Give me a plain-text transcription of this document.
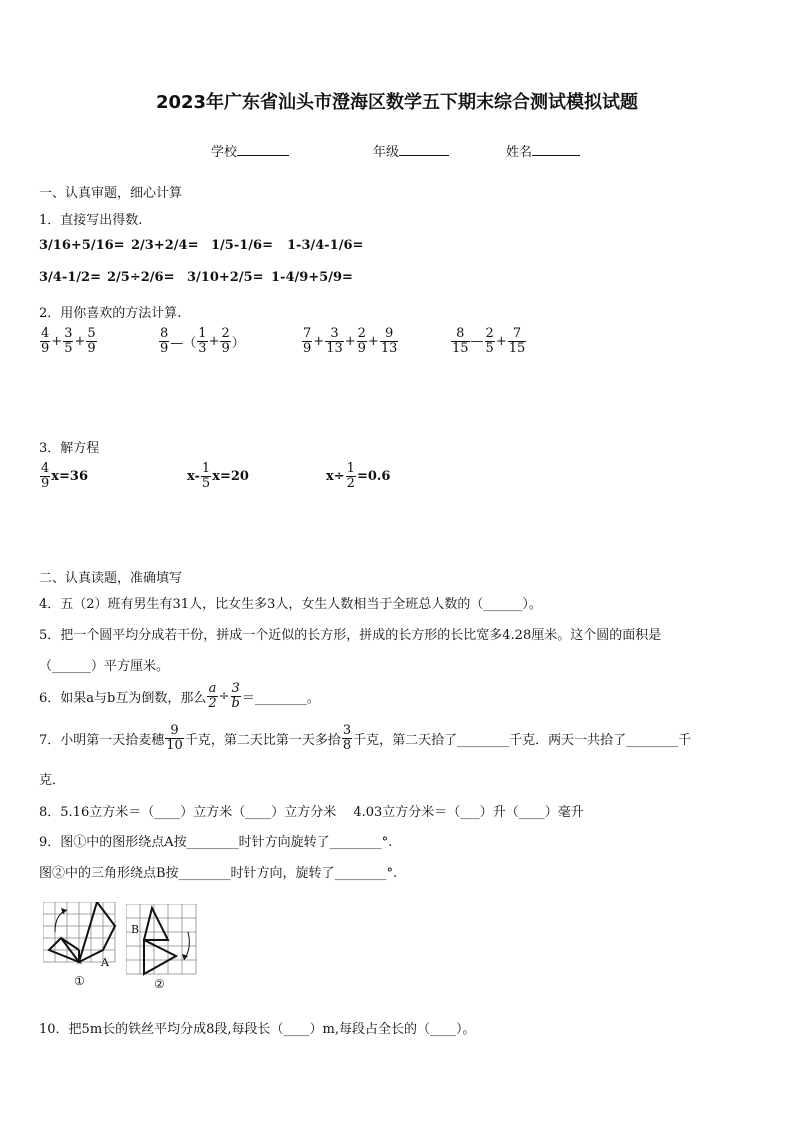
2023年广东省汕头市澄海区数学五下期末综合测试模拟试题
学校	年级	姓名
一、认真审题，细心计算
1．直接写出得数.
3/16+5/16= 2/3+2/4= 1/5-1/6= 1-3/4-1/6=
3/4-1/2= 2/5÷2/6= 3/10+2/5= 1-4/9+5/9=
2．用你喜欢的方法计算.
$\frac{4}{9} + \frac{3}{5} + \frac{5}{9}$	$\frac{8}{9}$ —（ $\frac{1}{3} + \frac{2}{9}$ ）	$\frac{7}{9} + \frac{3}{13} + \frac{2}{9} + \frac{9}{13}$	$\frac{8}{15}$ — $\frac{2}{5} + \frac{7}{15}$
3．解方程
$\frac{4}{9} x=36$	$x- \frac{1}{5} x=20$	$x\div \frac{1}{2} =0.6$
二、认真读题，准确填写
4．五（2）班有男生有31人，比女生多3人，女生人数相当于全班总人数的（______）。
5．把一个圆平均分成若干份，拼成一个近似的长方形，拼成的长方形的长比宽多4.28厘米。这个圆的面积是
（______）平方厘米。
6．如果a与b互为倒数，那么 $\frac{a}{2} \div \frac{3}{b}$ ＝________。
7．小明第一天拾麦穗 $\frac{9}{10}$ 千克，第二天比第一天多拾 $\frac{3}{8}$ 千克，第二天拾了________千克．两天一共拾了________千
克．
8．5.16立方米＝（____）立方米（____）立方分米　 4.03立方分米＝（___）升（____）毫升
9．图①中的图形绕点A按________时针方向旋转了________°.
图②中的三角形绕点B按________时针方向，旋转了________°.
A
①
B
②
10．把5m长的铁丝平均分成8段,每段长（____）m,每段占全长的（____）。
